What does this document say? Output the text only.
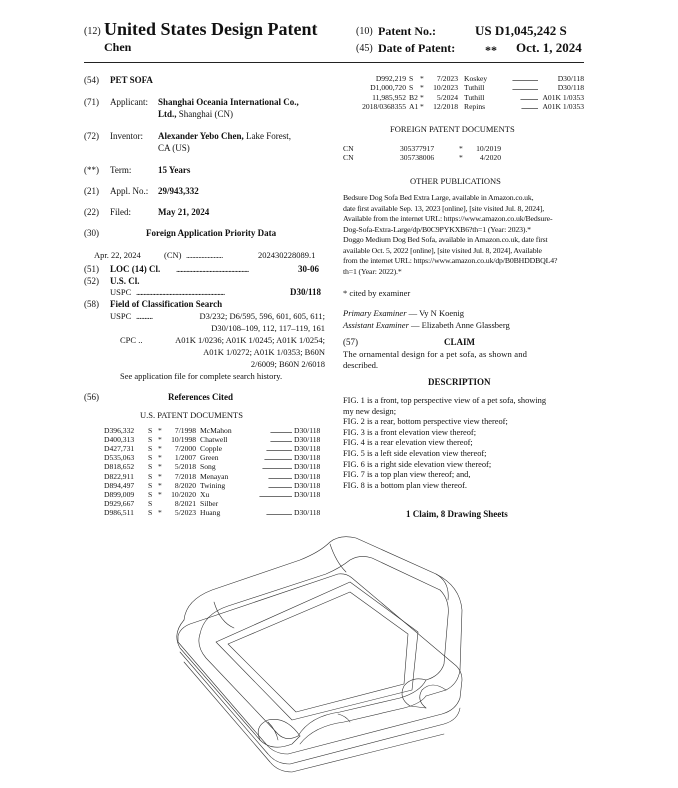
(12) United States Design Patent
Chen
(10) Patent No.:	US D1,045,242 S
(45) Date of Patent: ** Oct. 1, 2024
(54) PET SOFA
(71) Applicant: Shanghai Oceania International Co.,
Ltd., Shanghai (CN)
(72) Inventor: Alexander Yebo Chen, Lake Forest,
CA (US)
(**) Term:	15 Years
(21) Appl. No.: 29/943,332
(22) Filed:	May 21, 2024
(30)	Foreign Application Priority Data
Apr. 22, 2024	(CN) ........................	202430228089.1
(51) LOC (14) Cl. ..................................................	30-06
(52) U.S. Cl.
USPC .............................................................	D30/118
(58) Field of Classification Search
USPC ..........	D3/232; D6/595, 596, 601, 605, 611;
D30/108–109, 112, 117–119, 161
CPC ..	A01K 1/0236; A01K 1/0245; A01K 1/0254;
A01K 1/0272; A01K 1/0353; B60N
2/6009; B60N 2/6018
See application file for complete search history.
(56)	References Cited
U.S. PATENT DOCUMENTS
D396,332 S *	7/1998 McMahon	...................... D30/118
D400,313 S *	10/1998 Chatwell	...................... D30/118
D427,731 S *	7/2000 Copple	.......................... D30/118
D535,063 S *	1/2007 Green	............................ D30/118
D818,652 S *	5/2018 Song	.............................. D30/118
D822,911 S *	7/2018 Menayan	........................ D30/118
D894,497 S *	8/2020 Twining	........................ D30/118
D899,009 S *	10/2020 Xu	................................. D30/118
D929,667 S	8/2021 Silber
D986,511 S *	5/2023 Huang	.......................... D30/118
D992,219 S *	7/2023 Koskey	..........................	D30/118
D1,000,720 S *	10/2023 Tuthill	..........................	D30/118
11,985,952 B2 *	5/2024 Tuthill	.................. A01K 1/0353
2018/0368355 A1 *	12/2018 Repins	................. A01K 1/0353
FOREIGN PATENT DOCUMENTS
CN	305377917	*	10/2019
CN	305738006	*	4/2020
OTHER PUBLICATIONS
Bedsure Dog Sofa Bed Extra Large, available in Amazon.co.uk,
date first available Sep. 13, 2023 [online], [site visited Jul. 8, 2024],
Available from the internet URL: https://www.amazon.co.uk/Bedsure-
Dog-Sofa-Extra-Large/dp/B0C9PYKXB6?th=1 (Year: 2023).*
Doggo Medium Dog Bed Sofa, available in Amazon.co.uk, date first
available Oct. 5, 2022 [online], [site visited Jul. 8, 2024], Available
from the internet URL: https://www.amazon.co.uk/dp/B0BHDDBQL4?
th=1 (Year: 2022).*
* cited by examiner
Primary Examiner — Vy N Koenig
Assistant Examiner — Elizabeth Anne Glassberg
(57)	CLAIM
The ornamental design for a pet sofa, as shown and
described.
DESCRIPTION
FIG. 1 is a front, top perspective view of a pet sofa, showing
my new design;
FIG. 2 is a rear, bottom perspective view thereof;
FIG. 3 is a front elevation view thereof;
FIG. 4 is a rear elevation view thereof;
FIG. 5 is a left side elevation view thereof;
FIG. 6 is a right side elevation view thereof;
FIG. 7 is a top plan view thereof; and,
FIG. 8 is a bottom plan view thereof.
1 Claim, 8 Drawing Sheets
